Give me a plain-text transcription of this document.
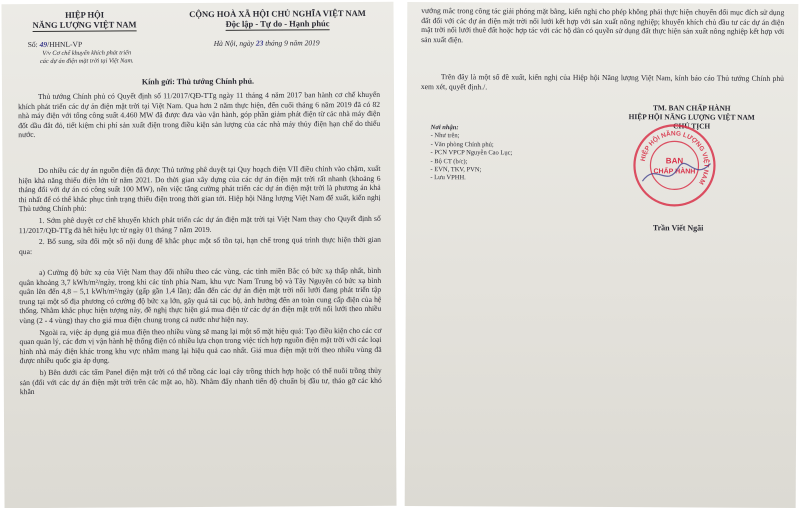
HIỆP HỘI
NĂNG LƯỢNG VIỆT NAM
CỘNG HOÀ XÃ HỘI CHỦ NGHĨA VIỆT NAM
Độc lập - Tự do - Hạnh phúc
Số: 49/HHNL-VP
V/v Cơ chế khuyến khích phát triển
các dự án điện mặt trời tại Việt Nam.
Hà Nội, ngày 23 tháng 9 năm 2019
Kính gửi: Thủ tướng Chính phủ.

Thủ tướng Chính phủ có Quyết định số 11/2017/QĐ-TTg ngày 11 tháng 4 năm 2017 ban hành cơ chế khuyến khích phát triển các dự án điện mặt trời tại Việt Nam. Qua hơn 2 năm thực hiện, đến cuối tháng 6 năm 2019 đã có 82 nhà máy điện với tổng công suất 4.460 MW đã được đưa vào vận hành, góp phần giảm phát điện từ các nhà máy điện đốt dầu đắt đỏ, tiết kiệm chi phí sản xuất điện trong điều kiện sản lượng của các nhà máy thủy điện hạn chế do thiếu nước.

Do nhiều các dự án nguồn điện đã được Thủ tướng phê duyệt tại Quy hoạch điện VII điều chỉnh vào chậm, xuất hiện khả năng thiếu điện lớn từ năm 2021. Do thời gian xây dựng của các dự án điện mặt trời rất nhanh (khoảng 6 tháng đối với dự án có công suất 100 MW), nên việc tăng cường phát triển các dự án điện mặt trời là phương án khả thi nhất để có thể khắc phục tình trạng thiếu điện trong thời gian tới. Hiệp hội Năng lượng Việt Nam để xuất, kiến nghị Thủ tướng Chính phủ:

1. Sớm phê duyệt cơ chế khuyến khích phát triển các dự án điện mặt trời tại Việt Nam thay cho Quyết định số 11/2017/QĐ-TTg đã hết hiệu lực từ ngày 01 tháng 7 năm 2019.

2. Bổ sung, sửa đổi một số nội dung để khắc phục một số tồn tại, hạn chế trong quá trình thực hiện thời gian qua:

a) Cường độ bức xạ của Việt Nam thay đổi nhiều theo các vùng, các tỉnh miền Bắc có bức xạ thấp nhất, bình quân khoảng 3,7 kWh/m²/ngày, trong khi các tỉnh phía Nam, khu vực Nam Trung bộ và Tây Nguyên có bức xạ bình quân lên đến 4,8 – 5,1 kWh/m²/ngày (gấp gần 1,4 lần); dẫn đến các dự án điện mặt trời nối lưới đang phát triển tập trung tại một số địa phương có cường độ bức xạ lớn, gây quá tải cục bộ, ảnh hưởng đến an toàn cung cấp điện của hệ thống. Nhằm khắc phục hiện tượng này, đề nghị thực hiện giá mua điện từ các dự án điện mặt trời nối lưới theo nhiều vùng (2 - 4 vùng) thay cho giá mua điện chung trong cả nước như hiện nay.

Ngoài ra, việc áp dụng giá mua điện theo nhiều vùng sẽ mang lại một số mặt hiệu quả: Tạo điều kiện cho các cơ quan quản lý, các đơn vị vận hành hệ thống điện có nhiều lựa chọn trong việc tích hợp nguồn điện mặt trời với các loại hình nhà máy điện khác trong khu vực nhằm mang lại hiệu quả cao nhất. Giá mua điện mặt trời theo nhiều vùng đã được nhiều quốc gia áp dụng.

b) Bên dưới các tấm Panel điện mặt trời có thể trồng các loại cây trồng thích hợp hoặc có thể nuôi trồng thủy sản (đối với các dự án điện mặt trời trên các mặt ao, hồ). Nhằm đẩy nhanh tiến độ chuẩn bị đầu tư, tháo gỡ các khó khăn

vướng mắc trong công tác giải phóng mặt bằng, kiến nghị cho phép không phải thực hiện chuyển đổi mục đích sử dụng đất đối với các dự án điện mặt trời nối lưới kết hợp với sản xuất nông nghiệp; khuyến khích chủ đầu tư các dự án điện mặt trời nối lưới thuê đất hoặc hợp tác với các hộ dân có quyền sử dụng đất thực hiện sản xuất nông nghiệp kết hợp với sản xuất điện.

Trên đây là một số đề xuất, kiến nghị của Hiệp hội Năng lượng Việt Nam, kính báo cáo Thủ tướng Chính phủ xem xét, quyết định./.

TM. BAN CHẤP HÀNH
HIỆP HỘI NĂNG LƯỢNG VIỆT NAM
CHỦ TỊCH
Nơi nhận:
- Như trên;
- Văn phòng Chính phủ;
- PCN VPCP Nguyễn Cao Lục;
- Bộ CT (b/c);
- EVN, TKV, PVN;
- Lưu VPHH.
HIỆP HỘI NĂNG LƯỢNG VIỆT NAM
BAN
CHẤP HÀNH
Trần Viết Ngãi
